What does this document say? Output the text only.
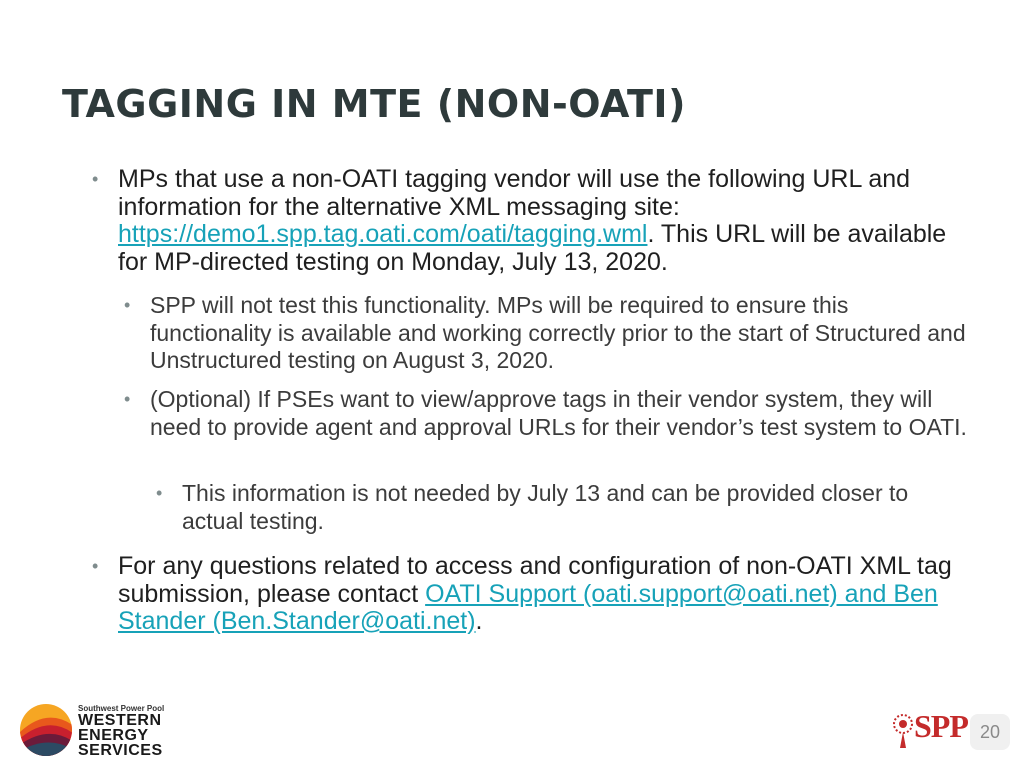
TAGGING IN MTE (NON-OATI)
• MPs that use a non-OATI tagging vendor will use the following URL and information for the alternative XML messaging site: https://demo1.spp.tag.oati.com/oati/tagging.wml. This URL will be available for MP-directed testing on Monday, July 13, 2020.
• SPP will not test this functionality. MPs will be required to ensure this functionality is available and working correctly prior to the start of Structured and Unstructured testing on August 3, 2020.
• (Optional) If PSEs want to view/approve tags in their vendor system, they will need to provide agent and approval URLs for their vendor’s test system to OATI.
• This information is not needed by July 13 and can be provided closer to actual testing.
• For any questions related to access and configuration of non-OATI XML tag submission, please contact OATI Support (oati.support@oati.net) and Ben Stander (Ben.Stander@oati.net).
Southwest Power Pool
WESTERN
ENERGY
SERVICES
SPP 20
